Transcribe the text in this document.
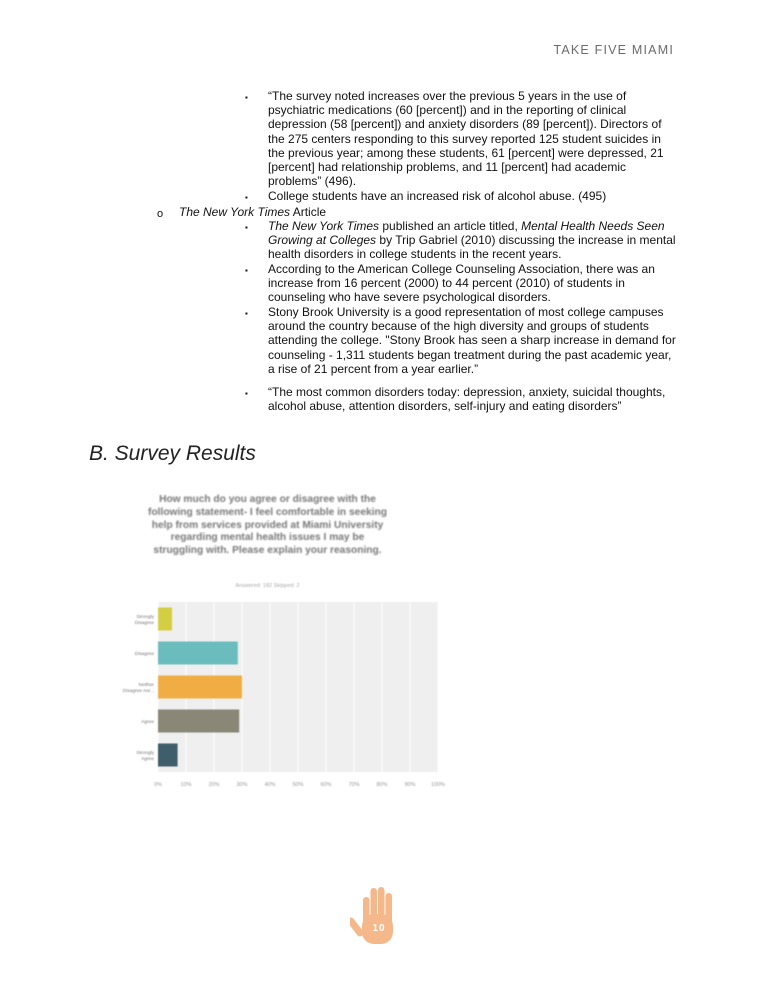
TAKE FIVE MIAMI
▪ “The survey noted increases over the previous 5 years in the use of psychiatric medications (60 [percent]) and in the reporting of clinical depression (58 [percent]) and anxiety disorders (89 [percent]). Directors of the 275 centers responding to this survey reported 125 student suicides in the previous year; among these students, 61 [percent] were depressed, 21 [percent] had relationship problems, and 11 [percent] had academic problems” (496).
▪ College students have an increased risk of alcohol abuse. (495)
o The New York Times Article
▪ The New York Times published an article titled, Mental Health Needs Seen Growing at Colleges by Trip Gabriel (2010) discussing the increase in mental health disorders in college students in the recent years.
▪ According to the American College Counseling Association, there was an increase from 16 percent (2000) to 44 percent (2010) of students in counseling who have severe psychological disorders.
▪ Stony Brook University is a good representation of most college campuses around the country because of the high diversity and groups of students attending the college. "Stony Brook has seen a sharp increase in demand for counseling - 1,311 students began treatment during the past academic year, a rise of 21 percent from a year earlier.”
▪ “The most common disorders today: depression, anxiety, suicidal thoughts, alcohol abuse, attention disorders, self-injury and eating disorders”
B. Survey Results
How much do you agree or disagree with the following statement- I feel comfortable in seeking help from services provided at Miami University regarding mental health issues I may be struggling with. Please explain your reasoning.
Answered: 182 Skipped: 2
0%	10%	20%	30%	40%	50%	60%	70%	80%	90%	100%
Strongly Disagree
Disagree
Neither Disagree nor...
Agree
Strongly Agree
10
